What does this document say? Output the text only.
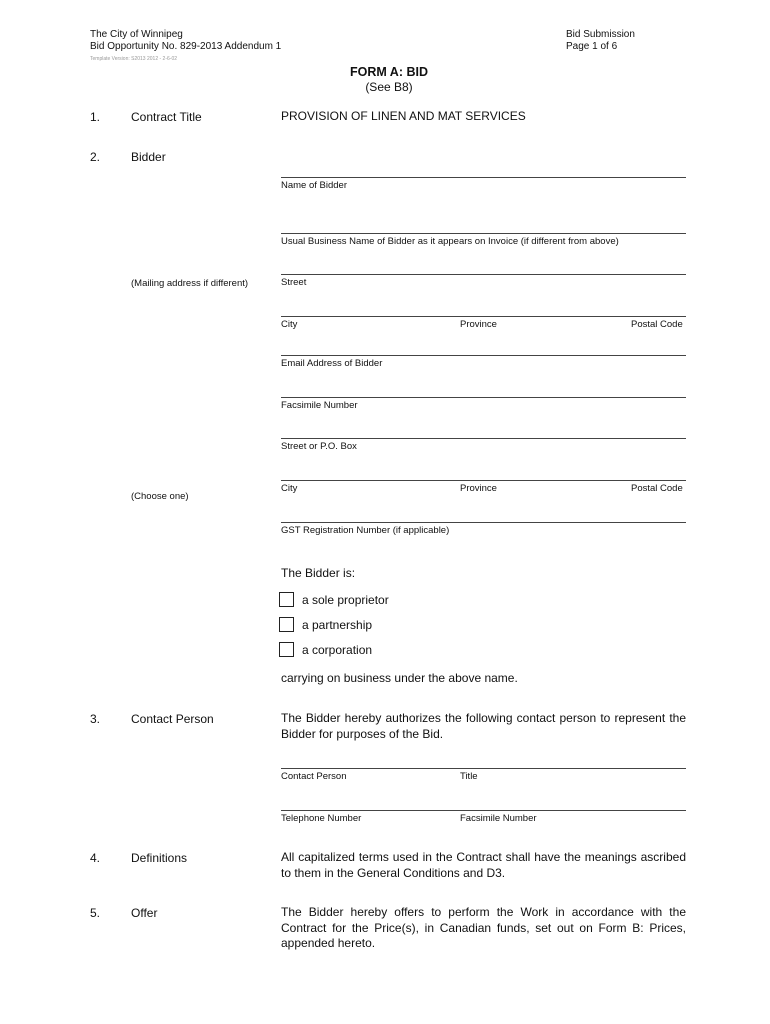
The City of Winnipeg
Bid Opportunity No. 829-2013 Addendum 1
Template Version: S2013 2012 - 2-6-02
Bid Submission
Page 1 of 6
FORM A: BID
(See B8)
1.	Contract Title	PROVISION OF LINEN AND MAT SERVICES
2.	Bidder
Name of Bidder
Usual Business Name of Bidder as it appears on Invoice (if different from above)
(Mailing address if different)	Street
City	Province	Postal Code
Email Address of Bidder
Facsimile Number
Street or P.O. Box
City	Province	Postal Code
(Choose one)
GST Registration Number (if applicable)
The Bidder is:
a sole proprietor
a partnership
a corporation
carrying on business under the above name.
3.	Contact Person	The Bidder hereby authorizes the following contact person to represent the Bidder for purposes of the Bid.
Contact Person	Title
Telephone Number	Facsimile Number
4.	Definitions	All capitalized terms used in the Contract shall have the meanings ascribed to them in the General Conditions and D3.
5.	Offer	The Bidder hereby offers to perform the Work in accordance with the Contract for the Price(s), in Canadian funds, set out on Form B: Prices, appended hereto.
